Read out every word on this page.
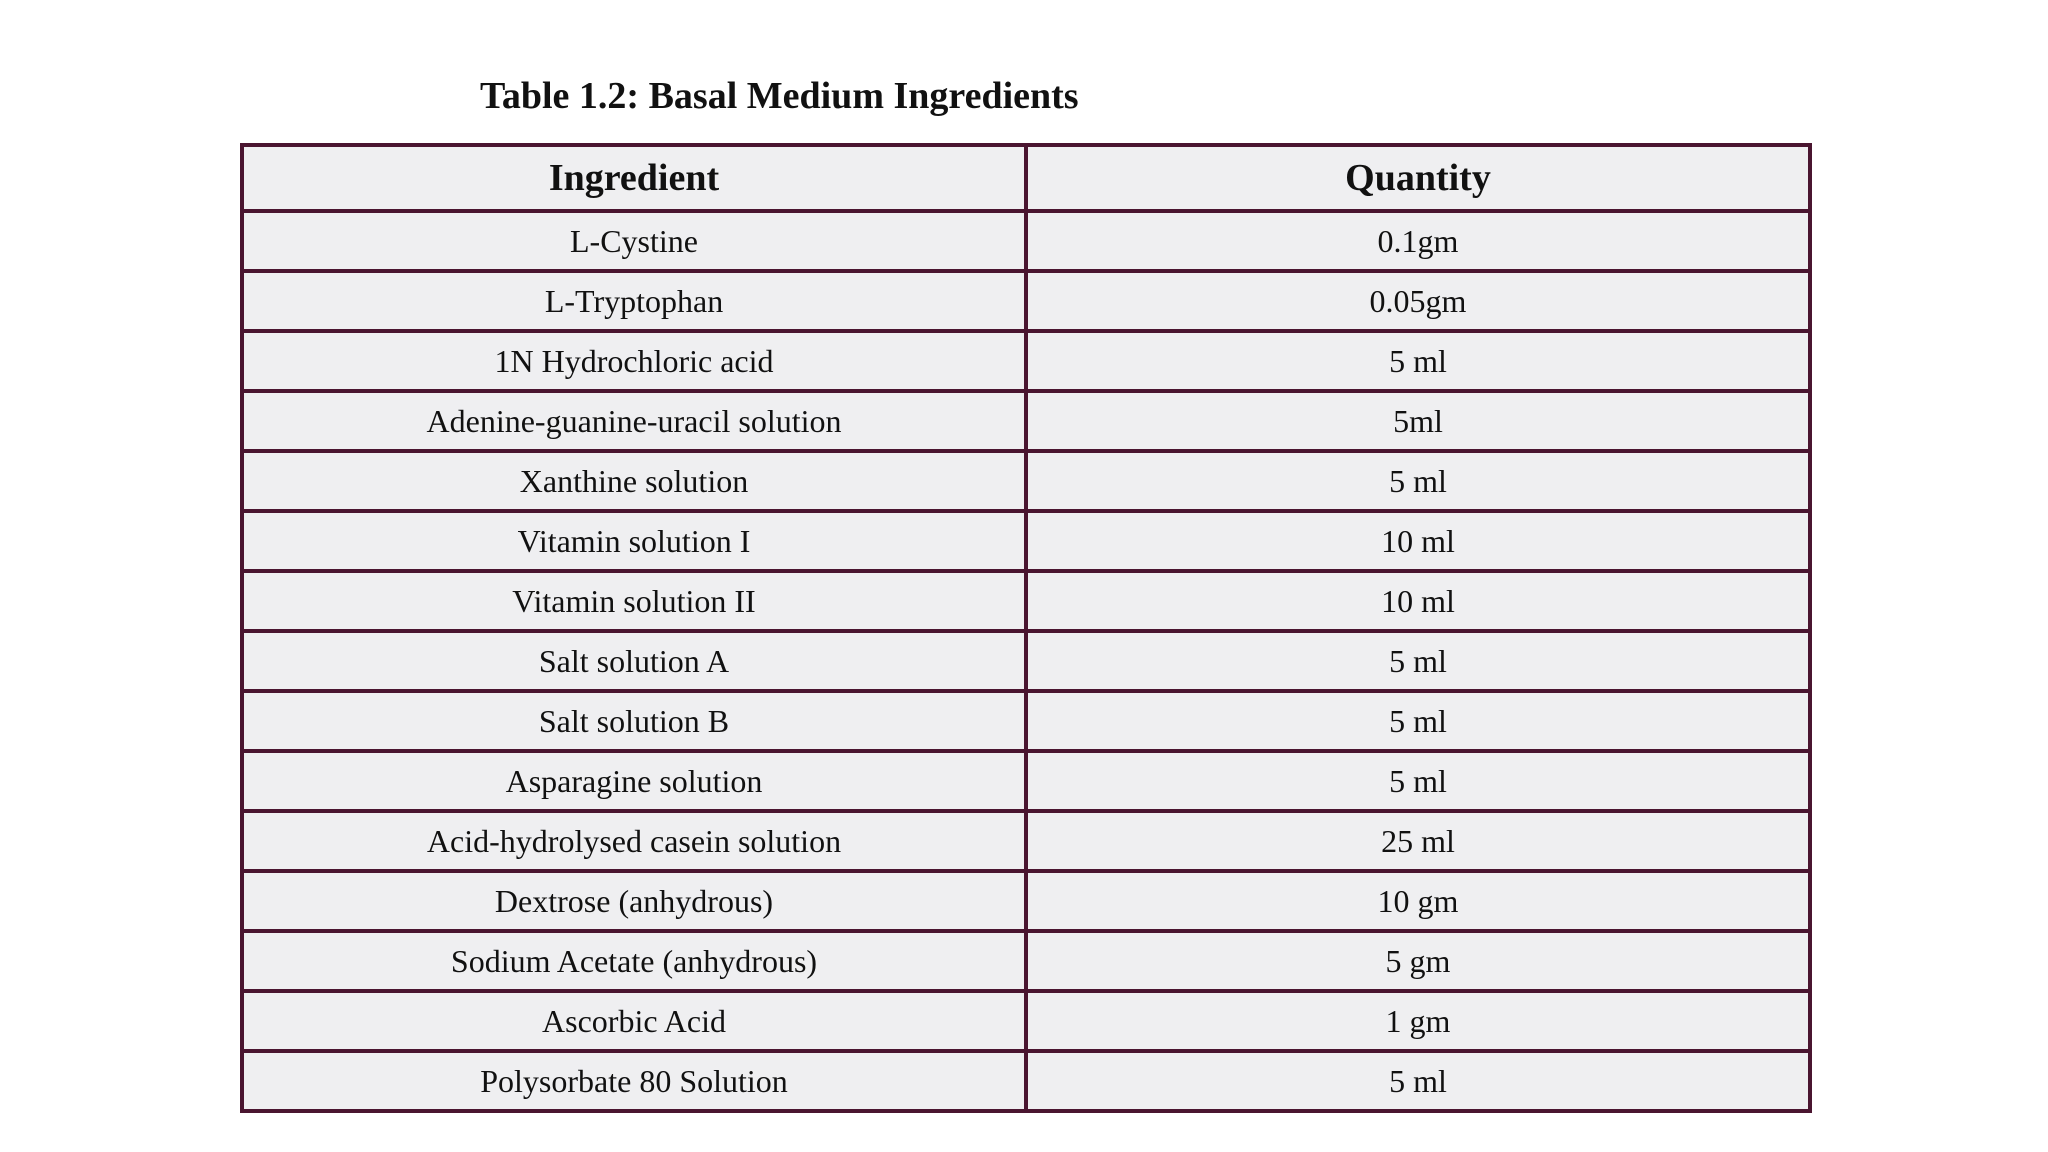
Table 1.2: Basal Medium Ingredients
Ingredient	Quantity
L-Cystine	0.1gm
L-Tryptophan	0.05gm
1N Hydrochloric acid	5 ml
Adenine-guanine-uracil solution	5ml
Xanthine solution	5 ml
Vitamin solution I	10 ml
Vitamin solution II	10 ml
Salt solution A	5 ml
Salt solution B	5 ml
Asparagine solution	5 ml
Acid-hydrolysed casein solution	25 ml
Dextrose (anhydrous)	10 gm
Sodium Acetate (anhydrous)	5 gm
Ascorbic Acid	1 gm
Polysorbate 80 Solution	5 ml
